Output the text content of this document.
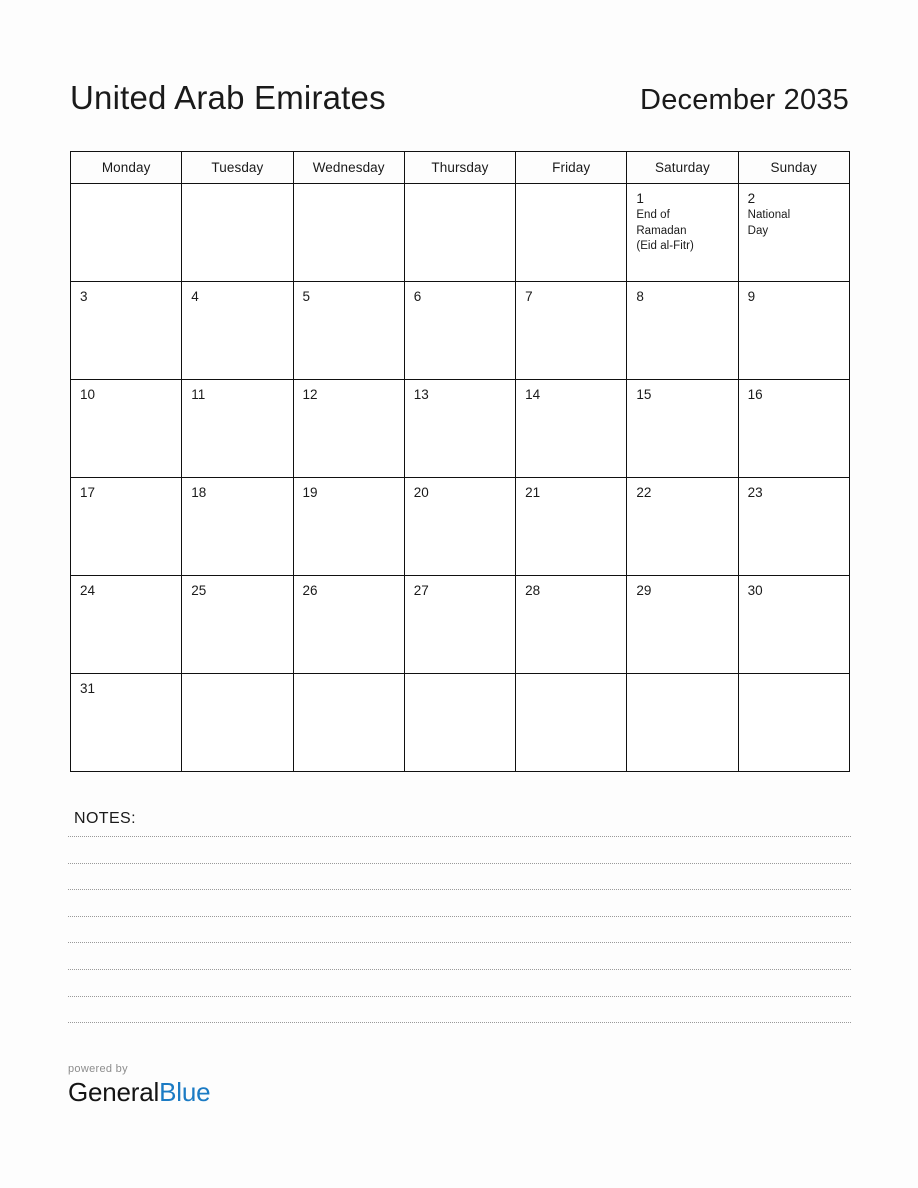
United Arab Emirates	December 2035
Monday	Tuesday	Wednesday	Thursday	Friday	Saturday	Sunday

					1
End of
Ramadan
(Eid al-Fitr)	2
National
Day

3	4	5	6	7	8	9

10	11	12	13	14	15	16

17	18	19	20	21	22	23

24	25	26	27	28	29	30

31						

NOTES:
powered by
GeneralBlue
